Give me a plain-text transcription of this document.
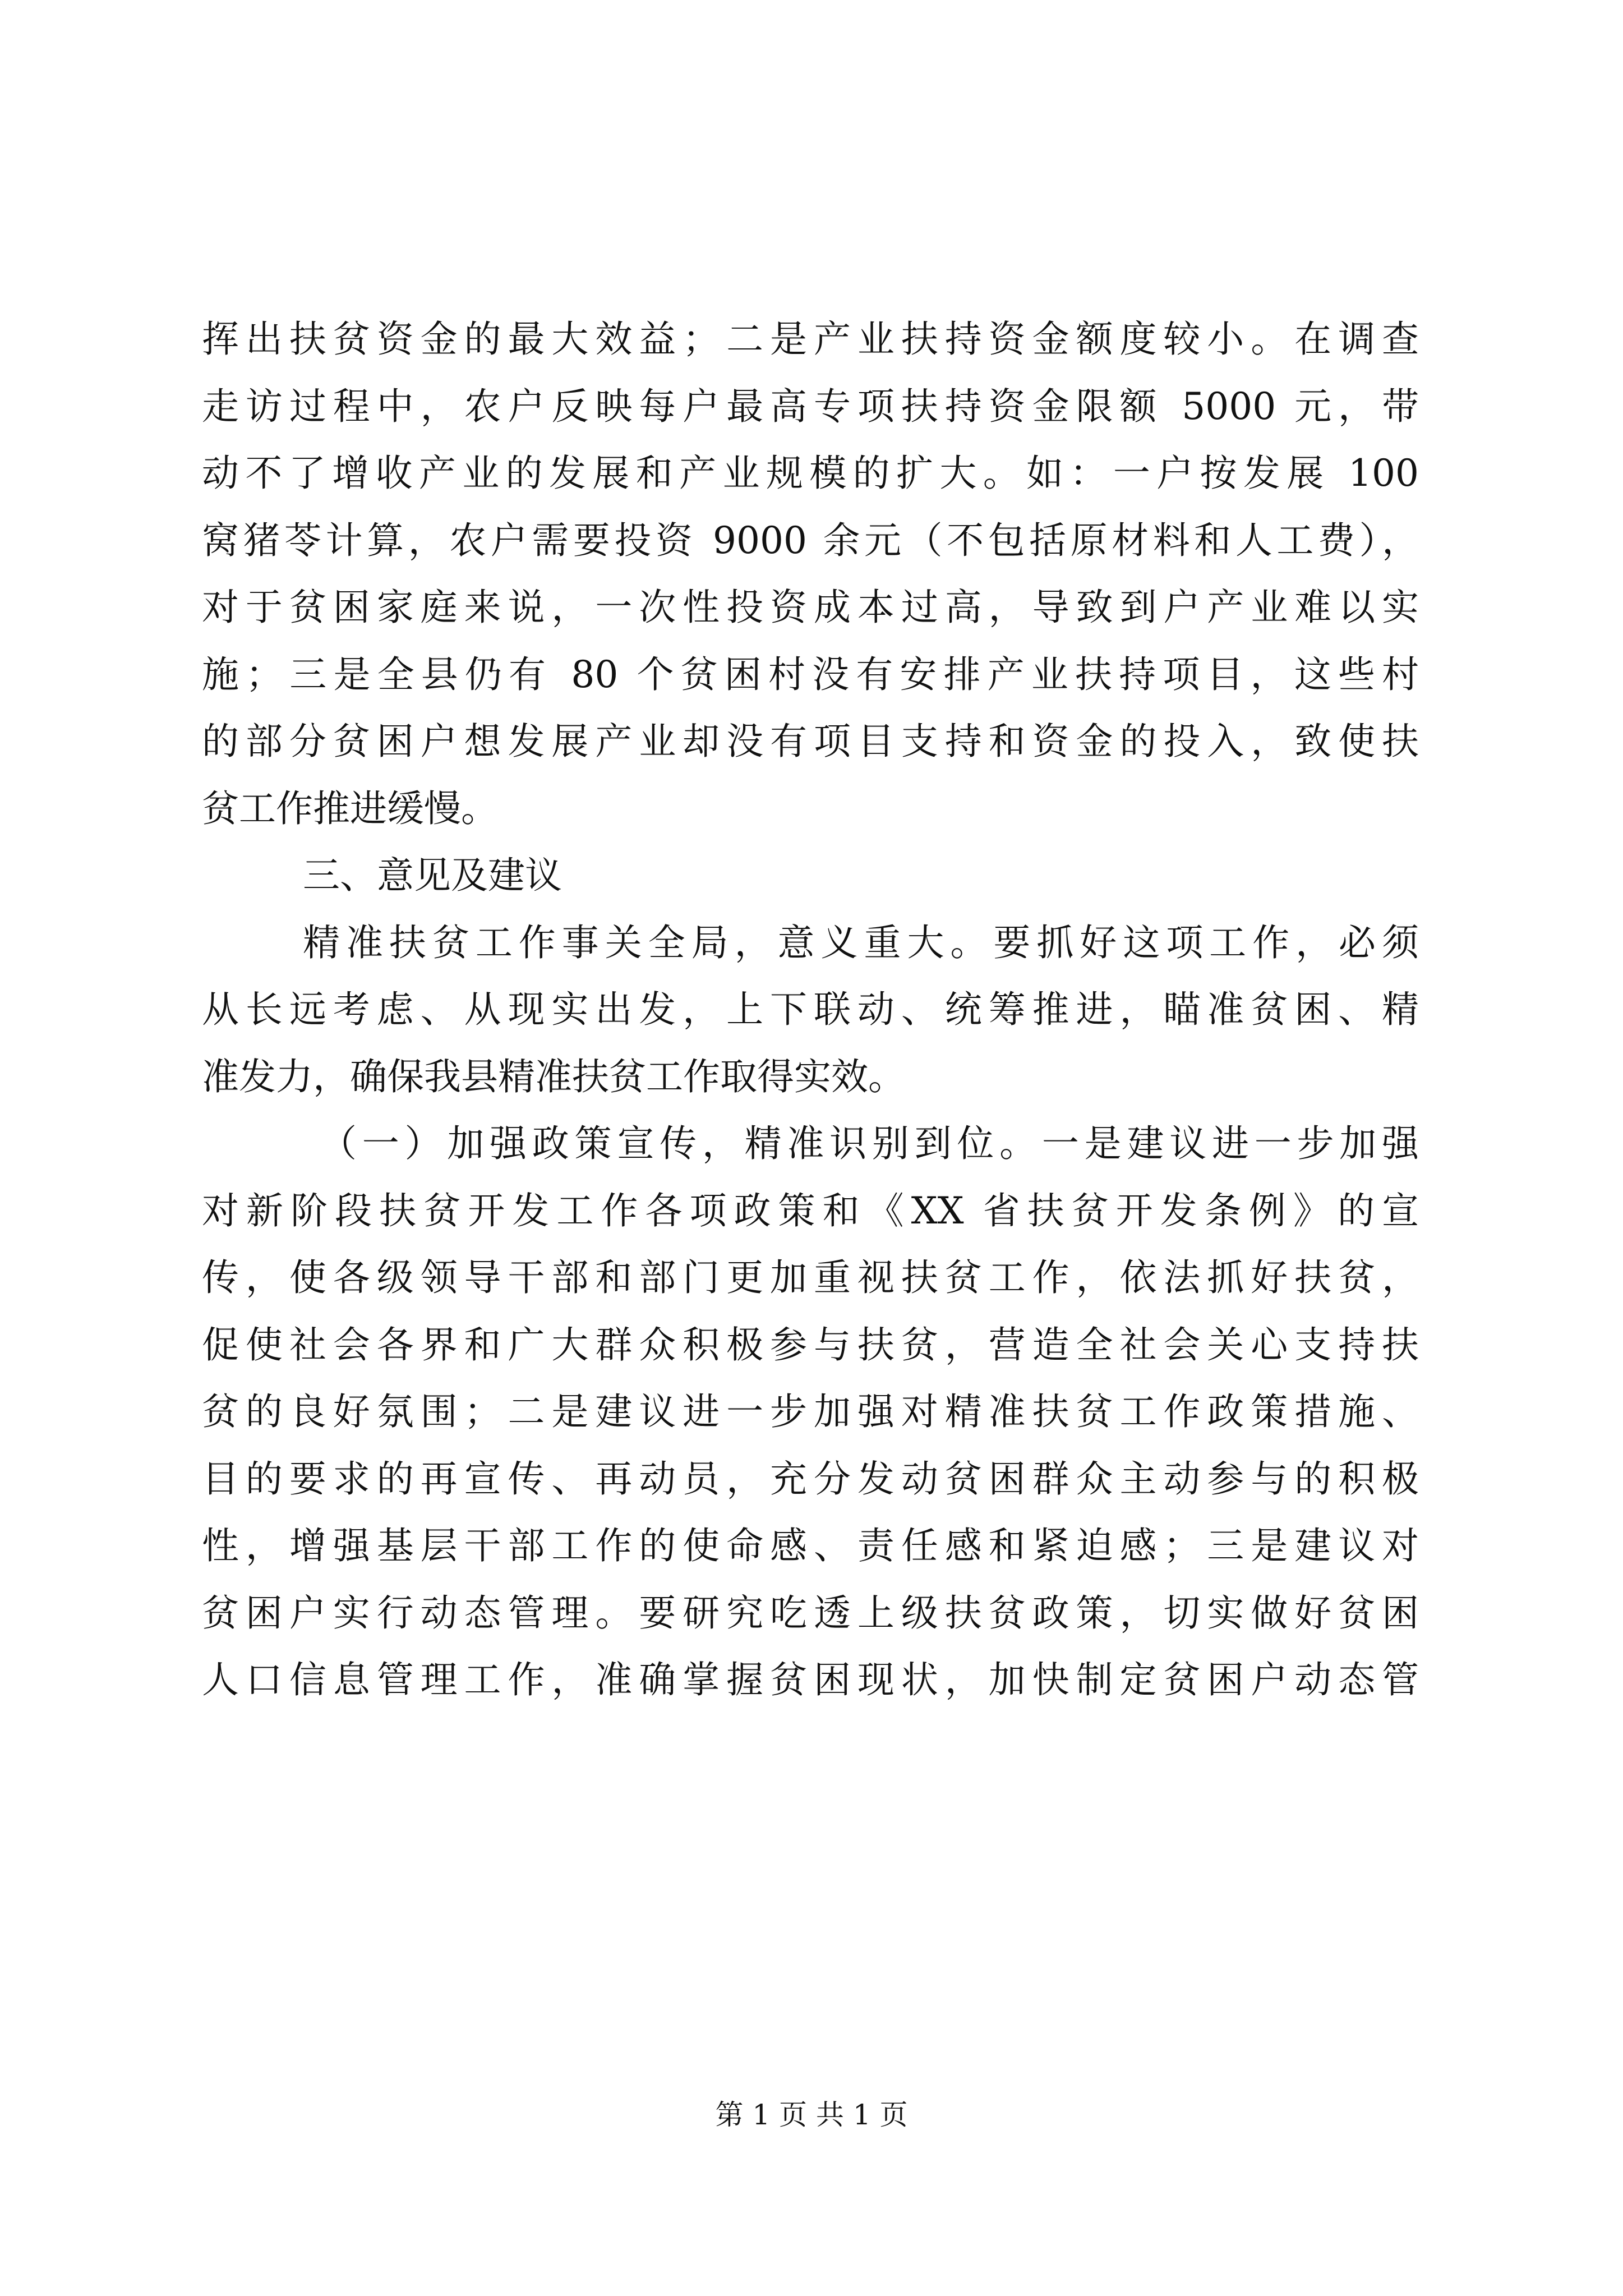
挥出扶贫资金的最大效益；二是产业扶持资金额度较小。在调查
走访过程中，农户反映每户最高专项扶持资金限额 5000 元，带
动不了增收产业的发展和产业规模的扩大。如：一户按发展 100
窝猪苓计算，农户需要投资 9000 余元（不包括原材料和人工费），
对于贫困家庭来说，一次性投资成本过高，导致到户产业难以实
施；三是全县仍有 80 个贫困村没有安排产业扶持项目，这些村
的部分贫困户想发展产业却没有项目支持和资金的投入，致使扶
贫工作推进缓慢。
三、意见及建议
精准扶贫工作事关全局，意义重大。要抓好这项工作，必须
从长远考虑、从现实出发，上下联动、统筹推进，瞄准贫困、精
准发力，确保我县精准扶贫工作取得实效。
（一）加强政策宣传，精准识别到位。一是建议进一步加强
对新阶段扶贫开发工作各项政策和《XX 省扶贫开发条例》的宣
传，使各级领导干部和部门更加重视扶贫工作，依法抓好扶贫，
促使社会各界和广大群众积极参与扶贫，营造全社会关心支持扶
贫的良好氛围；二是建议进一步加强对精准扶贫工作政策措施、
目的要求的再宣传、再动员，充分发动贫困群众主动参与的积极
性，增强基层干部工作的使命感、责任感和紧迫感；三是建议对
贫困户实行动态管理。要研究吃透上级扶贫政策，切实做好贫困
人口信息管理工作，准确掌握贫困现状，加快制定贫困户动态管
第 1 页 共 1 页
